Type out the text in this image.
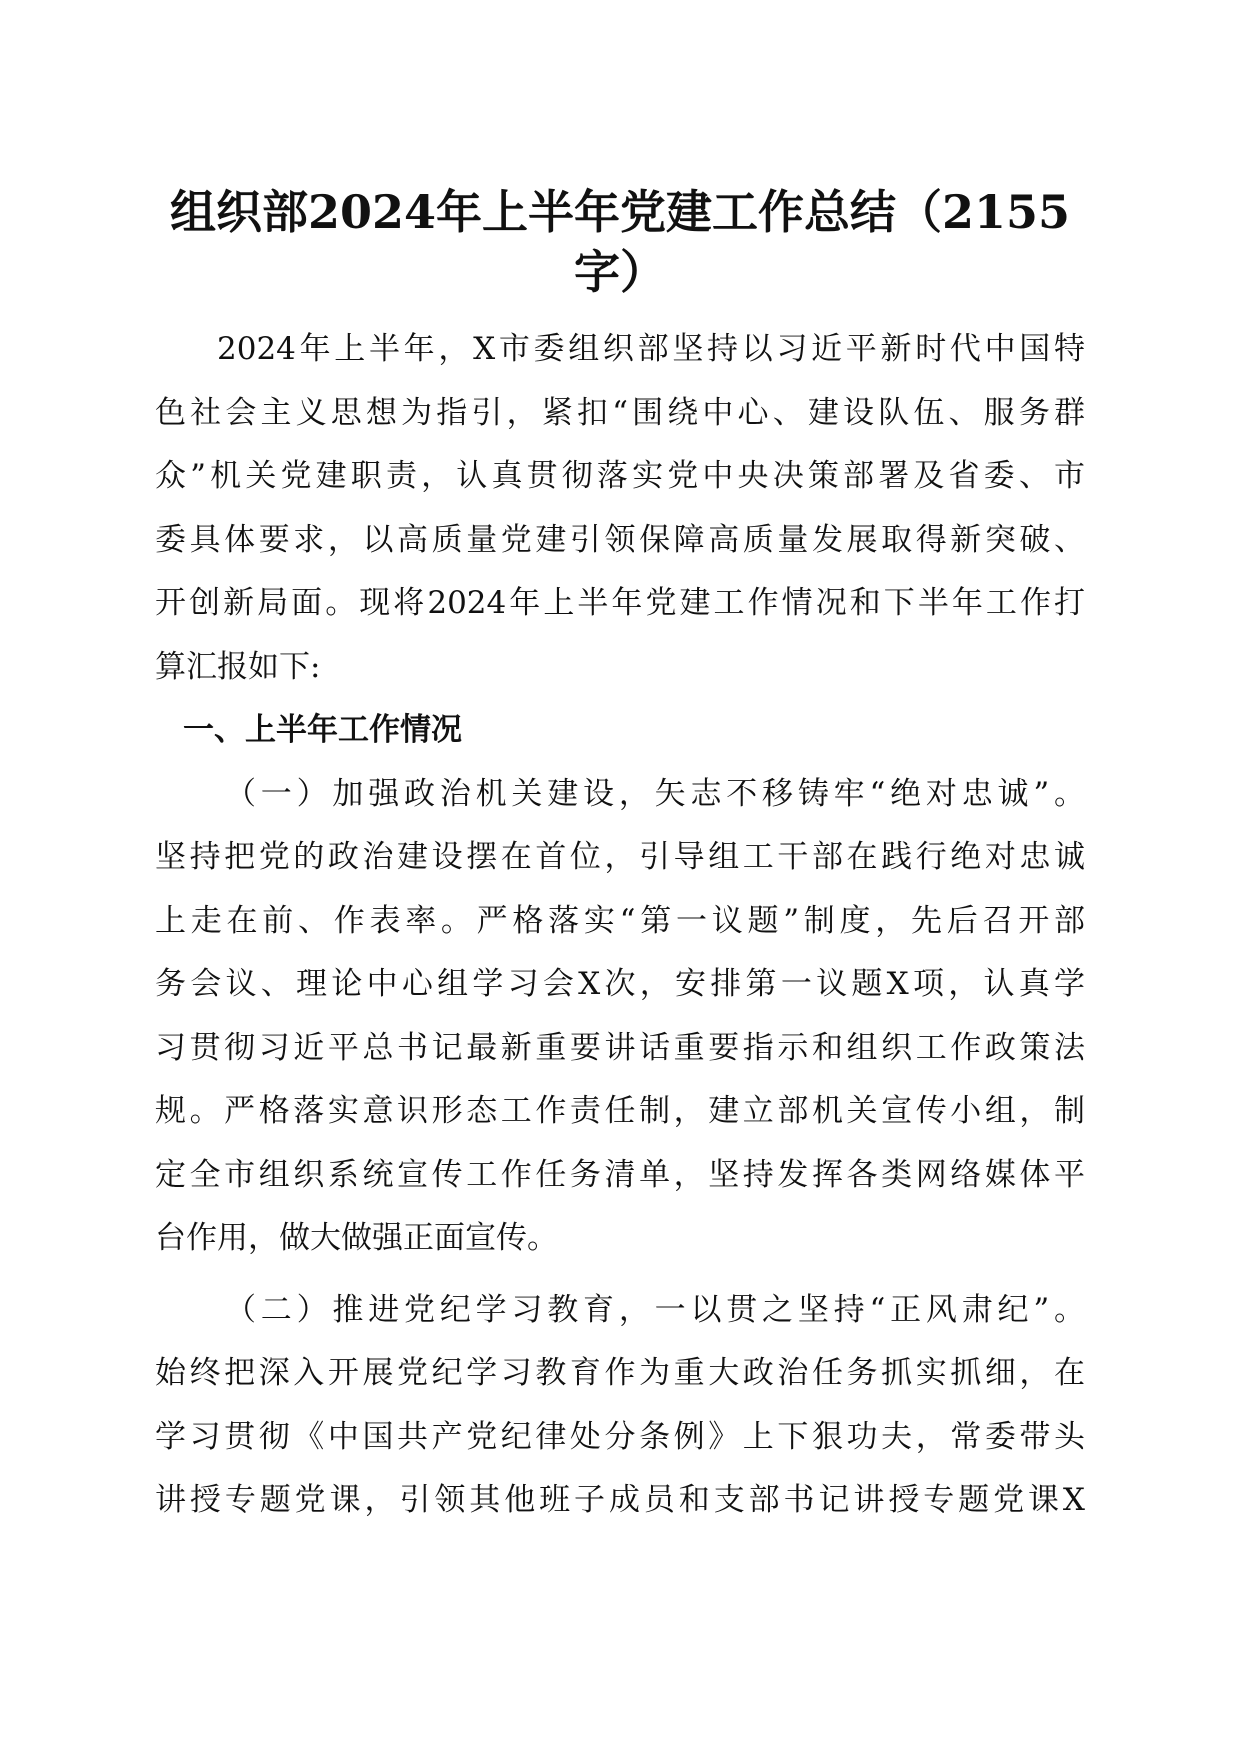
组织部2024年上半年党建工作总结（2155
字）
2024年上半年，X市委组织部坚持以习近平新时代中国特
色社会主义思想为指引，紧扣“围绕中心、建设队伍、服务群
众”机关党建职责，认真贯彻落实党中央决策部署及省委、市
委具体要求，以高质量党建引领保障高质量发展取得新突破、
开创新局面。现将2024年上半年党建工作情况和下半年工作打
算汇报如下:
一、上半年工作情况
（一）加强政治机关建设，矢志不移铸牢“绝对忠诚”。
坚持把党的政治建设摆在首位，引导组工干部在践行绝对忠诚
上走在前、作表率。严格落实“第一议题”制度，先后召开部
务会议、理论中心组学习会X次，安排第一议题X项，认真学
习贯彻习近平总书记最新重要讲话重要指示和组织工作政策法
规。严格落实意识形态工作责任制，建立部机关宣传小组，制
定全市组织系统宣传工作任务清单，坚持发挥各类网络媒体平
台作用，做大做强正面宣传。
（二）推进党纪学习教育，一以贯之坚持“正风肃纪”。
始终把深入开展党纪学习教育作为重大政治任务抓实抓细，在
学习贯彻《中国共产党纪律处分条例》上下狠功夫，常委带头
讲授专题党课，引领其他班子成员和支部书记讲授专题党课X
